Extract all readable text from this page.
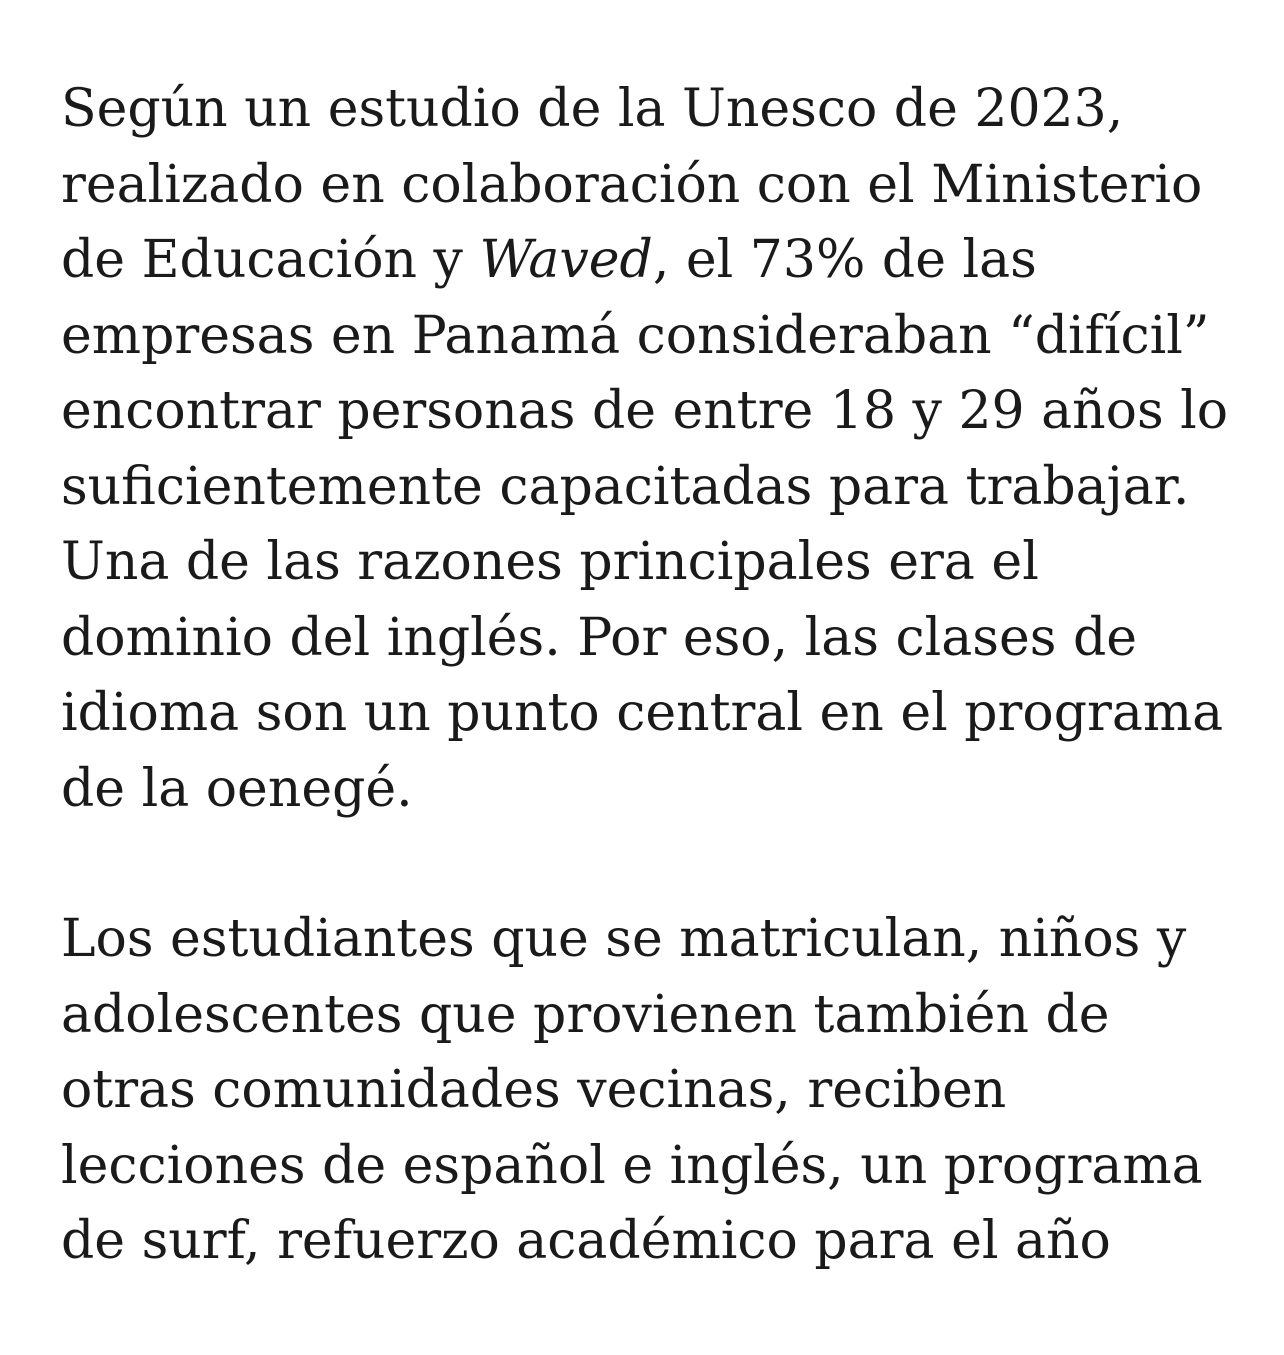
Según un estudio de la Unesco de 2023,
realizado en colaboración con el Ministerio
de Educación y Waved, el 73% de las
empresas en Panamá consideraban “difícil”
encontrar personas de entre 18 y 29 años lo
suficientemente capacitadas para trabajar.
Una de las razones principales era el
dominio del inglés. Por eso, las clases de
idioma son un punto central en el programa
de la oenegé.

Los estudiantes que se matriculan, niños y
adolescentes que provienen también de
otras comunidades vecinas, reciben
lecciones de español e inglés, un programa
de surf, refuerzo académico para el año
